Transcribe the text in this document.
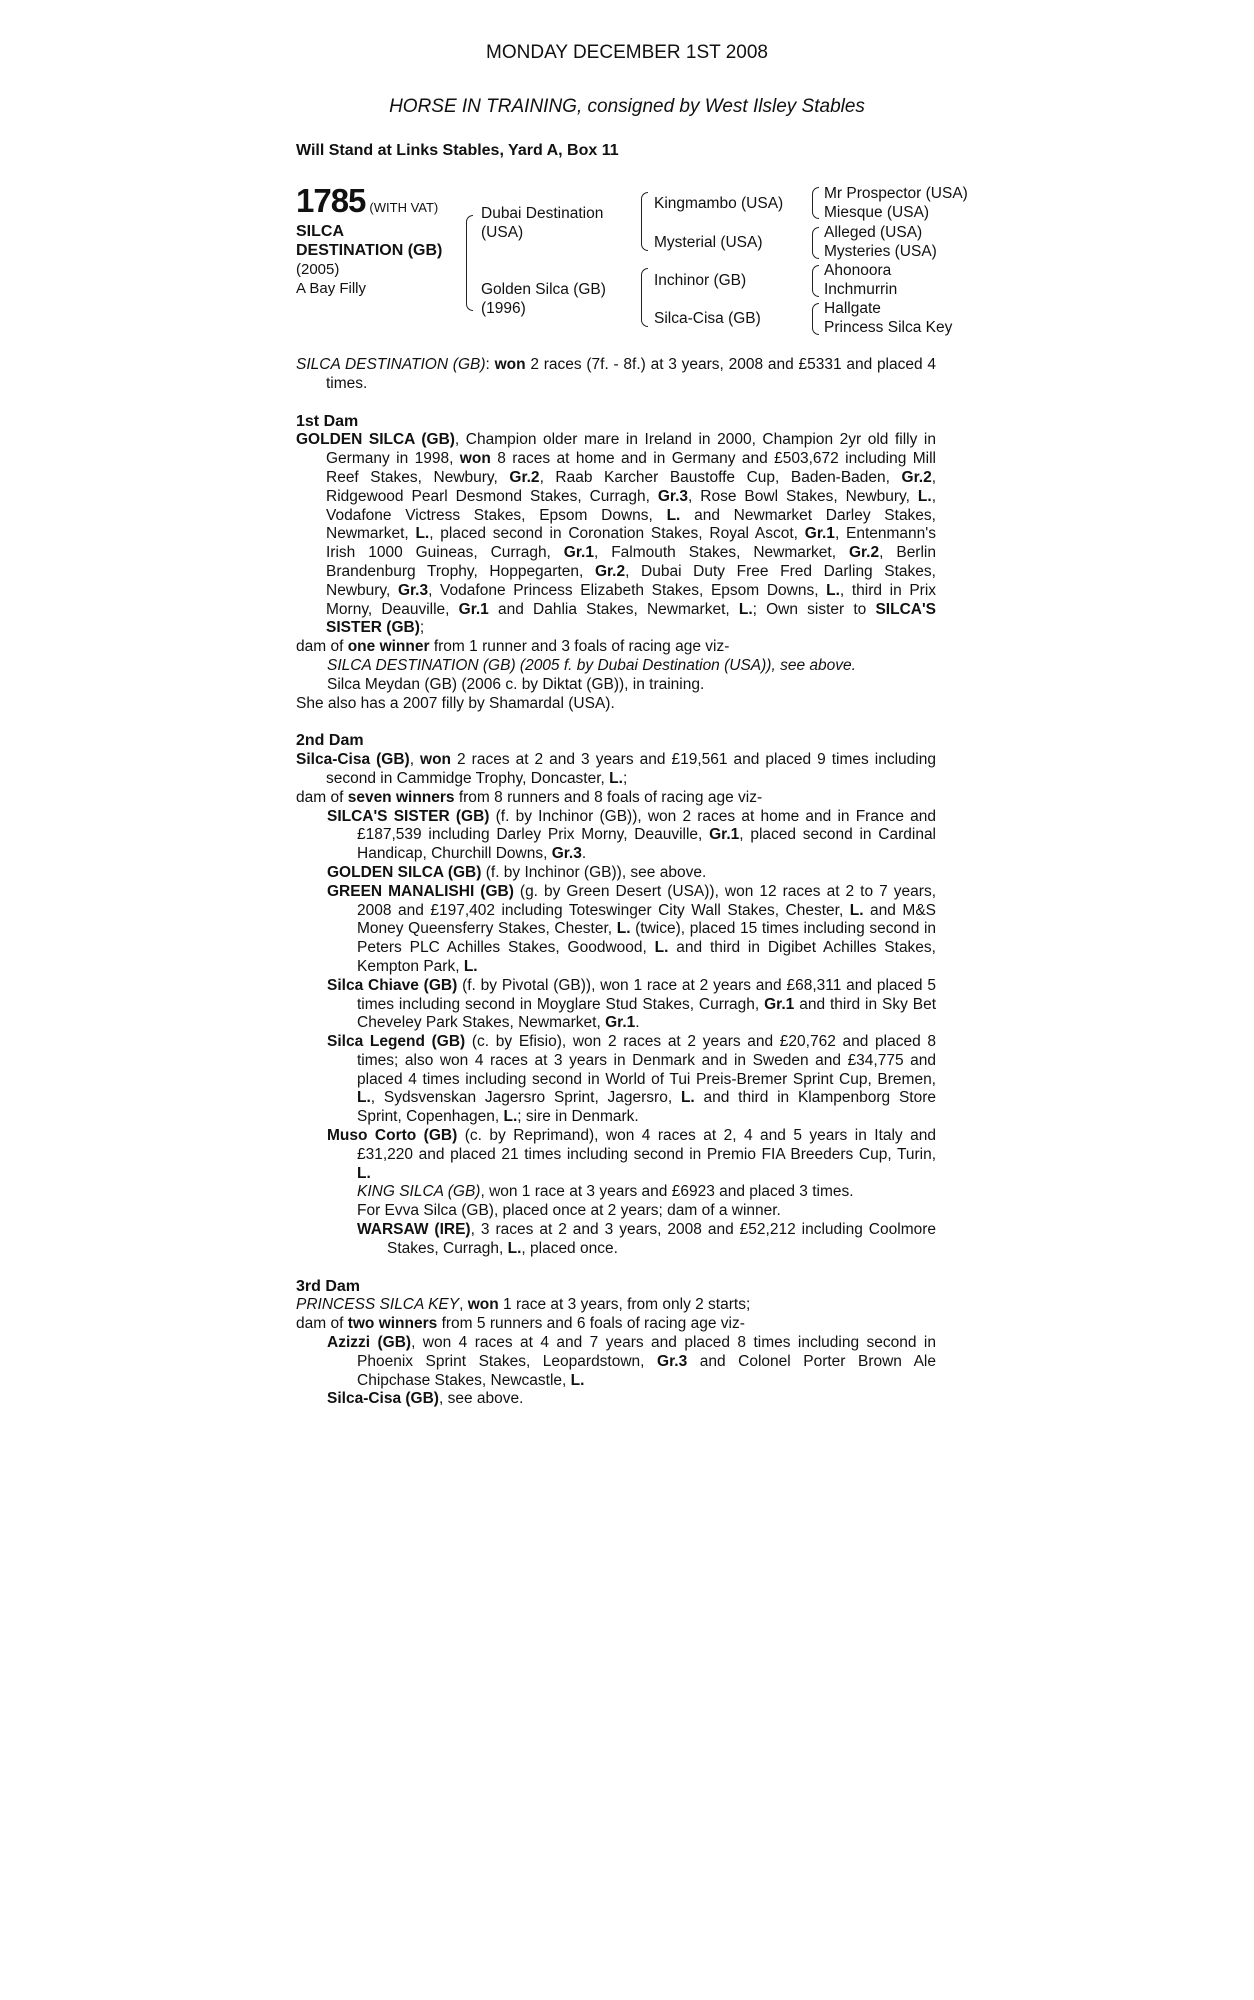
MONDAY DECEMBER 1ST 2008
HORSE IN TRAINING, consigned by West Ilsley Stables
Will Stand at Links Stables, Yard A, Box 11
1785 (WITH VAT)
SILCA
DESTINATION (GB)
(2005)
A Bay Filly
Dubai Destination
(USA)
Golden Silca (GB)
(1996)
Kingmambo (USA)
Mysterial (USA)
Inchinor (GB)
Silca-Cisa (GB)
Mr Prospector (USA)
Miesque (USA)
Alleged (USA)
Mysteries (USA)
Ahonoora
Inchmurrin
Hallgate
Princess Silca Key

SILCA DESTINATION (GB): won 2 races (7f. - 8f.) at 3 years, 2008 and £5331 and placed 4 times.

1st Dam

GOLDEN SILCA (GB), Champion older mare in Ireland in 2000, Champion 2yr old filly in Germany in 1998, won 8 races at home and in Germany and £503,672 including Mill Reef Stakes, Newbury, Gr.2, Raab Karcher Baustoffe Cup, Baden-Baden, Gr.2, Ridgewood Pearl Desmond Stakes, Curragh, Gr.3, Rose Bowl Stakes, Newbury, L., Vodafone Victress Stakes, Epsom Downs, L. and Newmarket Darley Stakes, Newmarket, L., placed second in Coronation Stakes, Royal Ascot, Gr.1, Entenmann's Irish 1000 Guineas, Curragh, Gr.1, Falmouth Stakes, Newmarket, Gr.2, Berlin Brandenburg Trophy, Hoppegarten, Gr.2, Dubai Duty Free Fred Darling Stakes, Newbury, Gr.3, Vodafone Princess Elizabeth Stakes, Epsom Downs, L., third in Prix Morny, Deauville, Gr.1 and Dahlia Stakes, Newmarket, L.; Own sister to SILCA'S SISTER (GB);

dam of one winner from 1 runner and 3 foals of racing age viz-

SILCA DESTINATION (GB) (2005 f. by Dubai Destination (USA)), see above.

Silca Meydan (GB) (2006 c. by Diktat (GB)), in training.

She also has a 2007 filly by Shamardal (USA).

2nd Dam

Silca-Cisa (GB), won 2 races at 2 and 3 years and £19,561 and placed 9 times including second in Cammidge Trophy, Doncaster, L.;

dam of seven winners from 8 runners and 8 foals of racing age viz-

SILCA'S SISTER (GB) (f. by Inchinor (GB)), won 2 races at home and in France and £187,539 including Darley Prix Morny, Deauville, Gr.1, placed second in Cardinal Handicap, Churchill Downs, Gr.3.

GOLDEN SILCA (GB) (f. by Inchinor (GB)), see above.

GREEN MANALISHI (GB) (g. by Green Desert (USA)), won 12 races at 2 to 7 years, 2008 and £197,402 including Toteswinger City Wall Stakes, Chester, L. and M&S Money Queensferry Stakes, Chester, L. (twice), placed 15 times including second in Peters PLC Achilles Stakes, Goodwood, L. and third in Digibet Achilles Stakes, Kempton Park, L.

Silca Chiave (GB) (f. by Pivotal (GB)), won 1 race at 2 years and £68,311 and placed 5 times including second in Moyglare Stud Stakes, Curragh, Gr.1 and third in Sky Bet Cheveley Park Stakes, Newmarket, Gr.1.

Silca Legend (GB) (c. by Efisio), won 2 races at 2 years and £20,762 and placed 8 times; also won 4 races at 3 years in Denmark and in Sweden and £34,775 and placed 4 times including second in World of Tui Preis-Bremer Sprint Cup, Bremen, L., Sydsvenskan Jagersro Sprint, Jagersro, L. and third in Klampenborg Store Sprint, Copenhagen, L.; sire in Denmark.

Muso Corto (GB) (c. by Reprimand), won 4 races at 2, 4 and 5 years in Italy and £31,220 and placed 21 times including second in Premio FIA Breeders Cup, Turin, L.

KING SILCA (GB), won 1 race at 3 years and £6923 and placed 3 times.

For Evva Silca (GB), placed once at 2 years; dam of a winner.

WARSAW (IRE), 3 races at 2 and 3 years, 2008 and £52,212 including Coolmore Stakes, Curragh, L., placed once.

3rd Dam

PRINCESS SILCA KEY, won 1 race at 3 years, from only 2 starts;

dam of two winners from 5 runners and 6 foals of racing age viz-

Azizzi (GB), won 4 races at 4 and 7 years and placed 8 times including second in Phoenix Sprint Stakes, Leopardstown, Gr.3 and Colonel Porter Brown Ale Chipchase Stakes, Newcastle, L.

Silca-Cisa (GB), see above.
